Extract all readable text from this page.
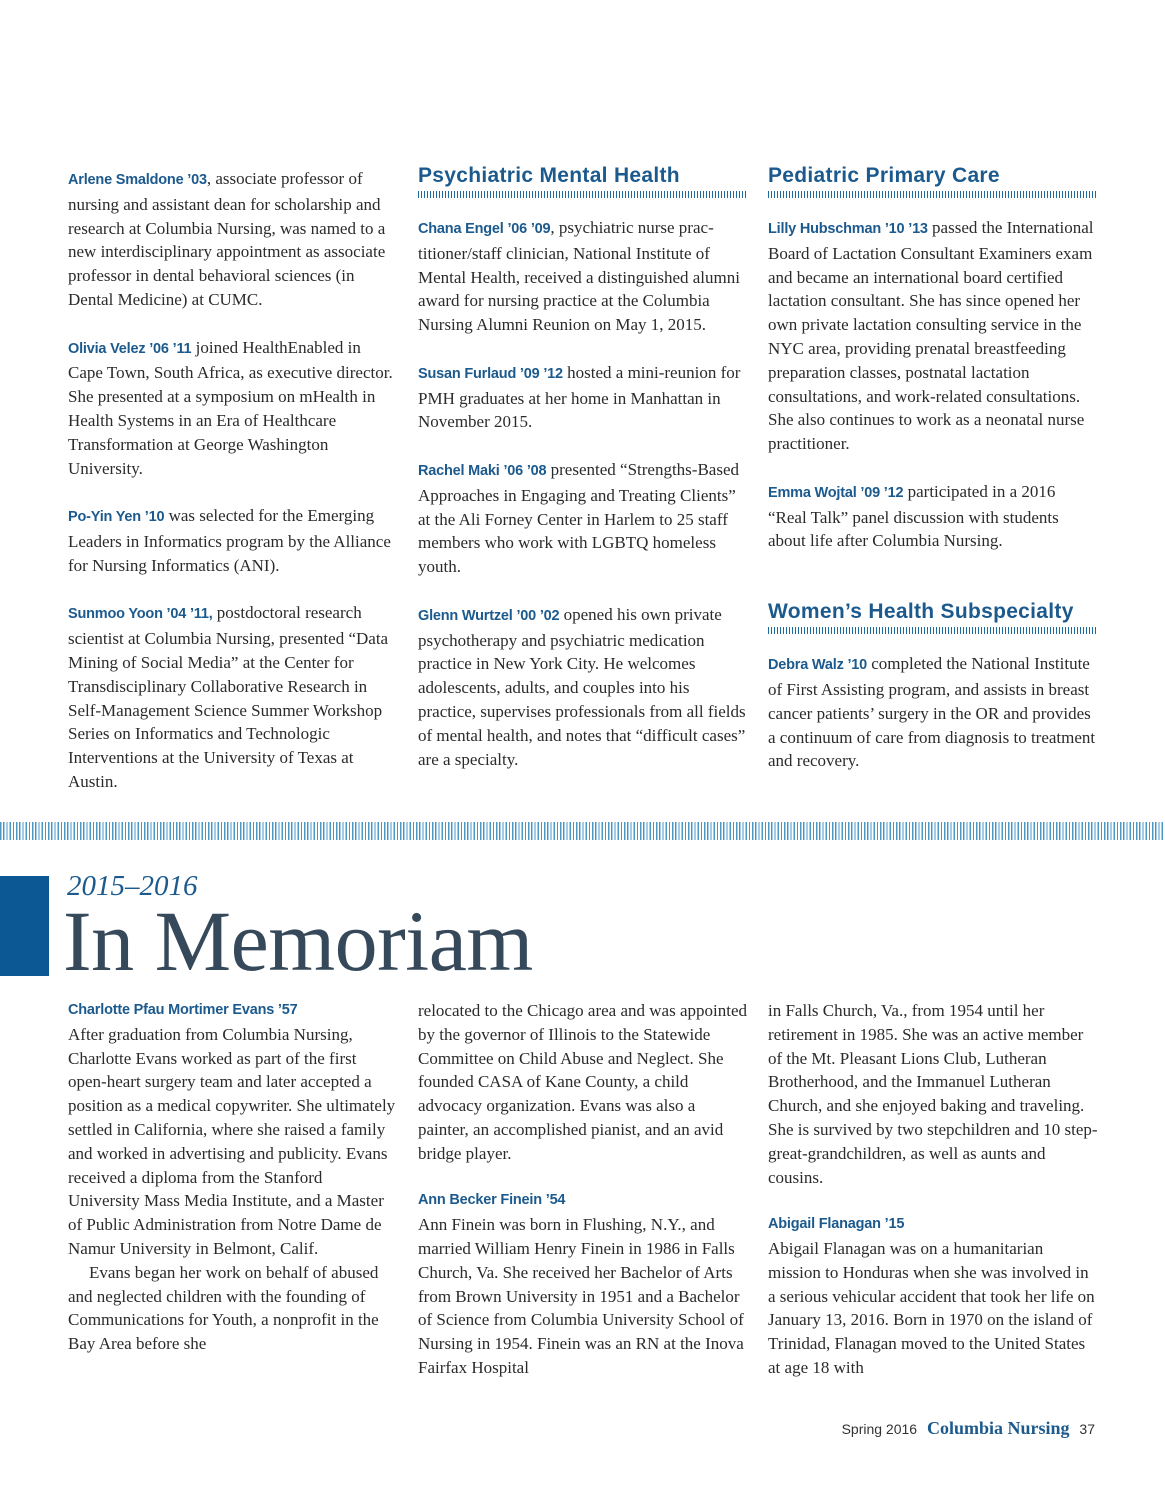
Arlene Smaldone ’03, associate professor of nursing and assistant dean for scholarship and research at Columbia Nursing, was named to a new interdisciplinary appointment as associate professor in dental behavioral sciences (in Dental Medicine) at CUMC.

Olivia Velez ’06 ’11 joined HealthEnabled in Cape Town, South Africa, as executive director. She presented at a symposium on mHealth in Health Systems in an Era of Healthcare Transformation at George Washington University.

Po-Yin Yen ’10 was selected for the Emerging Leaders in Informatics program by the Alliance for Nursing Informatics (ANI).

Sunmoo Yoon ’04 ’11, postdoctoral research scientist at Columbia Nursing, presented “Data Mining of Social Media” at the Center for Transdisciplinary Collaborative Research in Self-Management Science Summer Workshop Series on Informatics and Technologic Interventions at the University of Texas at Austin.

Psychiatric Mental Health

Chana Engel ’06 ’09, psychiatric nurse practitioner/staff clinician, National Institute of Mental Health, received a distinguished alumni award for nursing practice at the Columbia Nursing Alumni Reunion on May 1, 2015.

Susan Furlaud ’09 ’12 hosted a mini-reunion for PMH graduates at her home in Manhattan in November 2015.

Rachel Maki ’06 ’08 presented “Strengths-Based Approaches in Engaging and Treating Clients” at the Ali Forney Center in Harlem to 25 staff members who work with LGBTQ homeless youth.

Glenn Wurtzel ’00 ’02 opened his own private psychotherapy and psychiatric medication practice in New York City. He welcomes adolescents, adults, and couples into his practice, supervises professionals from all fields of mental health, and notes that “difficult cases” are a specialty.

Pediatric Primary Care

Lilly Hubschman ’10 ’13 passed the International Board of Lactation Consultant Examiners exam and became an international board certified lactation consultant. She has since opened her own private lactation consulting service in the NYC area, providing prenatal breastfeeding preparation classes, postnatal lactation consultations, and work-related consultations. She also continues to work as a neonatal nurse practitioner.

Emma Wojtal ’09 ’12 participated in a 2016 “Real Talk” panel discussion with students about life after Columbia Nursing.

Women’s Health Subspecialty

Debra Walz ’10 completed the National Institute of First Assisting program, and assists in breast cancer patients’ surgery in the OR and provides a continuum of care from diagnosis to treatment and recovery.

2015–2016
In Memoriam
Charlotte Pfau Mortimer Evans ’57

After graduation from Columbia Nursing, Charlotte Evans worked as part of the first open-heart surgery team and later accepted a position as a medical copywriter. She ultimately settled in California, where she raised a family and worked in advertising and publicity. Evans received a diploma from the Stanford University Mass Media Institute, and a Master of Public Administration from Notre Dame de Namur University in Belmont, Calif.

Evans began her work on behalf of abused and neglected children with the founding of Communications for Youth, a nonprofit in the Bay Area before she

relocated to the Chicago area and was appointed by the governor of Illinois to the Statewide Committee on Child Abuse and Neglect. She founded CASA of Kane County, a child advocacy organization. Evans was also a painter, an accomplished pianist, and an avid bridge player.

Ann Becker Finein ’54

Ann Finein was born in Flushing, N.Y., and married William Henry Finein in 1986 in Falls Church, Va. She received her Bachelor of Arts from Brown University in 1951 and a Bachelor of Science from Columbia University School of Nursing in 1954. Finein was an RN at the Inova Fairfax Hospital

in Falls Church, Va., from 1954 until her retirement in 1985. She was an active member of the Mt. Pleasant Lions Club, Lutheran Brotherhood, and the Immanuel Lutheran Church, and she enjoyed baking and traveling. She is survived by two stepchildren and 10 step-great-grandchildren, as well as aunts and cousins.

Abigail Flanagan ’15

Abigail Flanagan was on a humanitarian mission to Honduras when she was involved in a serious vehicular accident that took her life on January 13, 2016. Born in 1970 on the island of Trinidad, Flanagan moved to the United States at age 18 with

Spring 2016 Columbia Nursing 37
